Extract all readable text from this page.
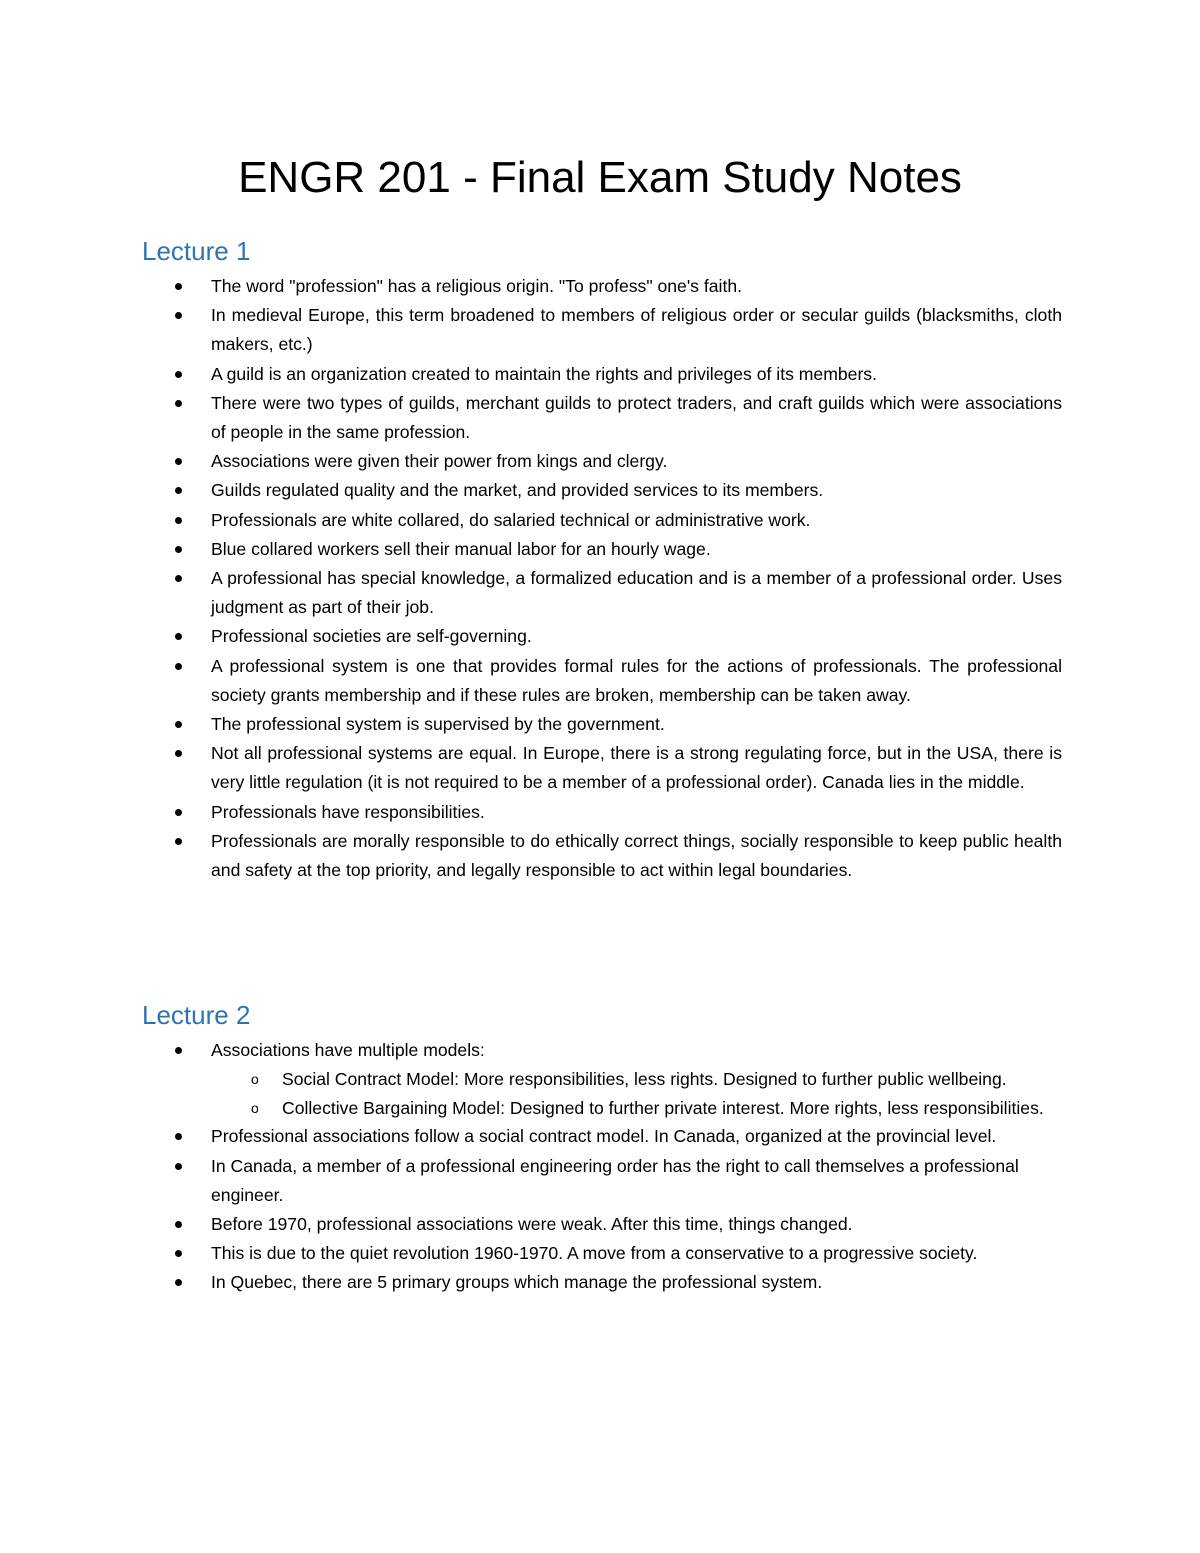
ENGR 201 - Final Exam Study Notes
Lecture 1
The word "profession" has a religious origin. "To profess" one's faith.
In medieval Europe, this term broadened to members of religious order or secular guilds (blacksmiths, cloth makers, etc.)
A guild is an organization created to maintain the rights and privileges of its members.
There were two types of guilds, merchant guilds to protect traders, and craft guilds which were associations of people in the same profession.
Associations were given their power from kings and clergy.
Guilds regulated quality and the market, and provided services to its members.
Professionals are white collared, do salaried technical or administrative work.
Blue collared workers sell their manual labor for an hourly wage.
A professional has special knowledge, a formalized education and is a member of a professional order. Uses judgment as part of their job.
Professional societies are self-governing.
A professional system is one that provides formal rules for the actions of professionals. The professional society grants membership and if these rules are broken, membership can be taken away.
The professional system is supervised by the government.
Not all professional systems are equal. In Europe, there is a strong regulating force, but in the USA, there is very little regulation (it is not required to be a member of a professional order). Canada lies in the middle.
Professionals have responsibilities.
Professionals are morally responsible to do ethically correct things, socially responsible to keep public health and safety at the top priority, and legally responsible to act within legal boundaries.
Lecture 2
Associations have multiple models:
o Social Contract Model: More responsibilities, less rights. Designed to further public wellbeing.
o Collective Bargaining Model: Designed to further private interest. More rights, less responsibilities.
Professional associations follow a social contract model. In Canada, organized at the provincial level.
In Canada, a member of a professional engineering order has the right to call themselves a professional engineer.
Before 1970, professional associations were weak. After this time, things changed.
This is due to the quiet revolution 1960-1970. A move from a conservative to a progressive society.
In Quebec, there are 5 primary groups which manage the professional system.
